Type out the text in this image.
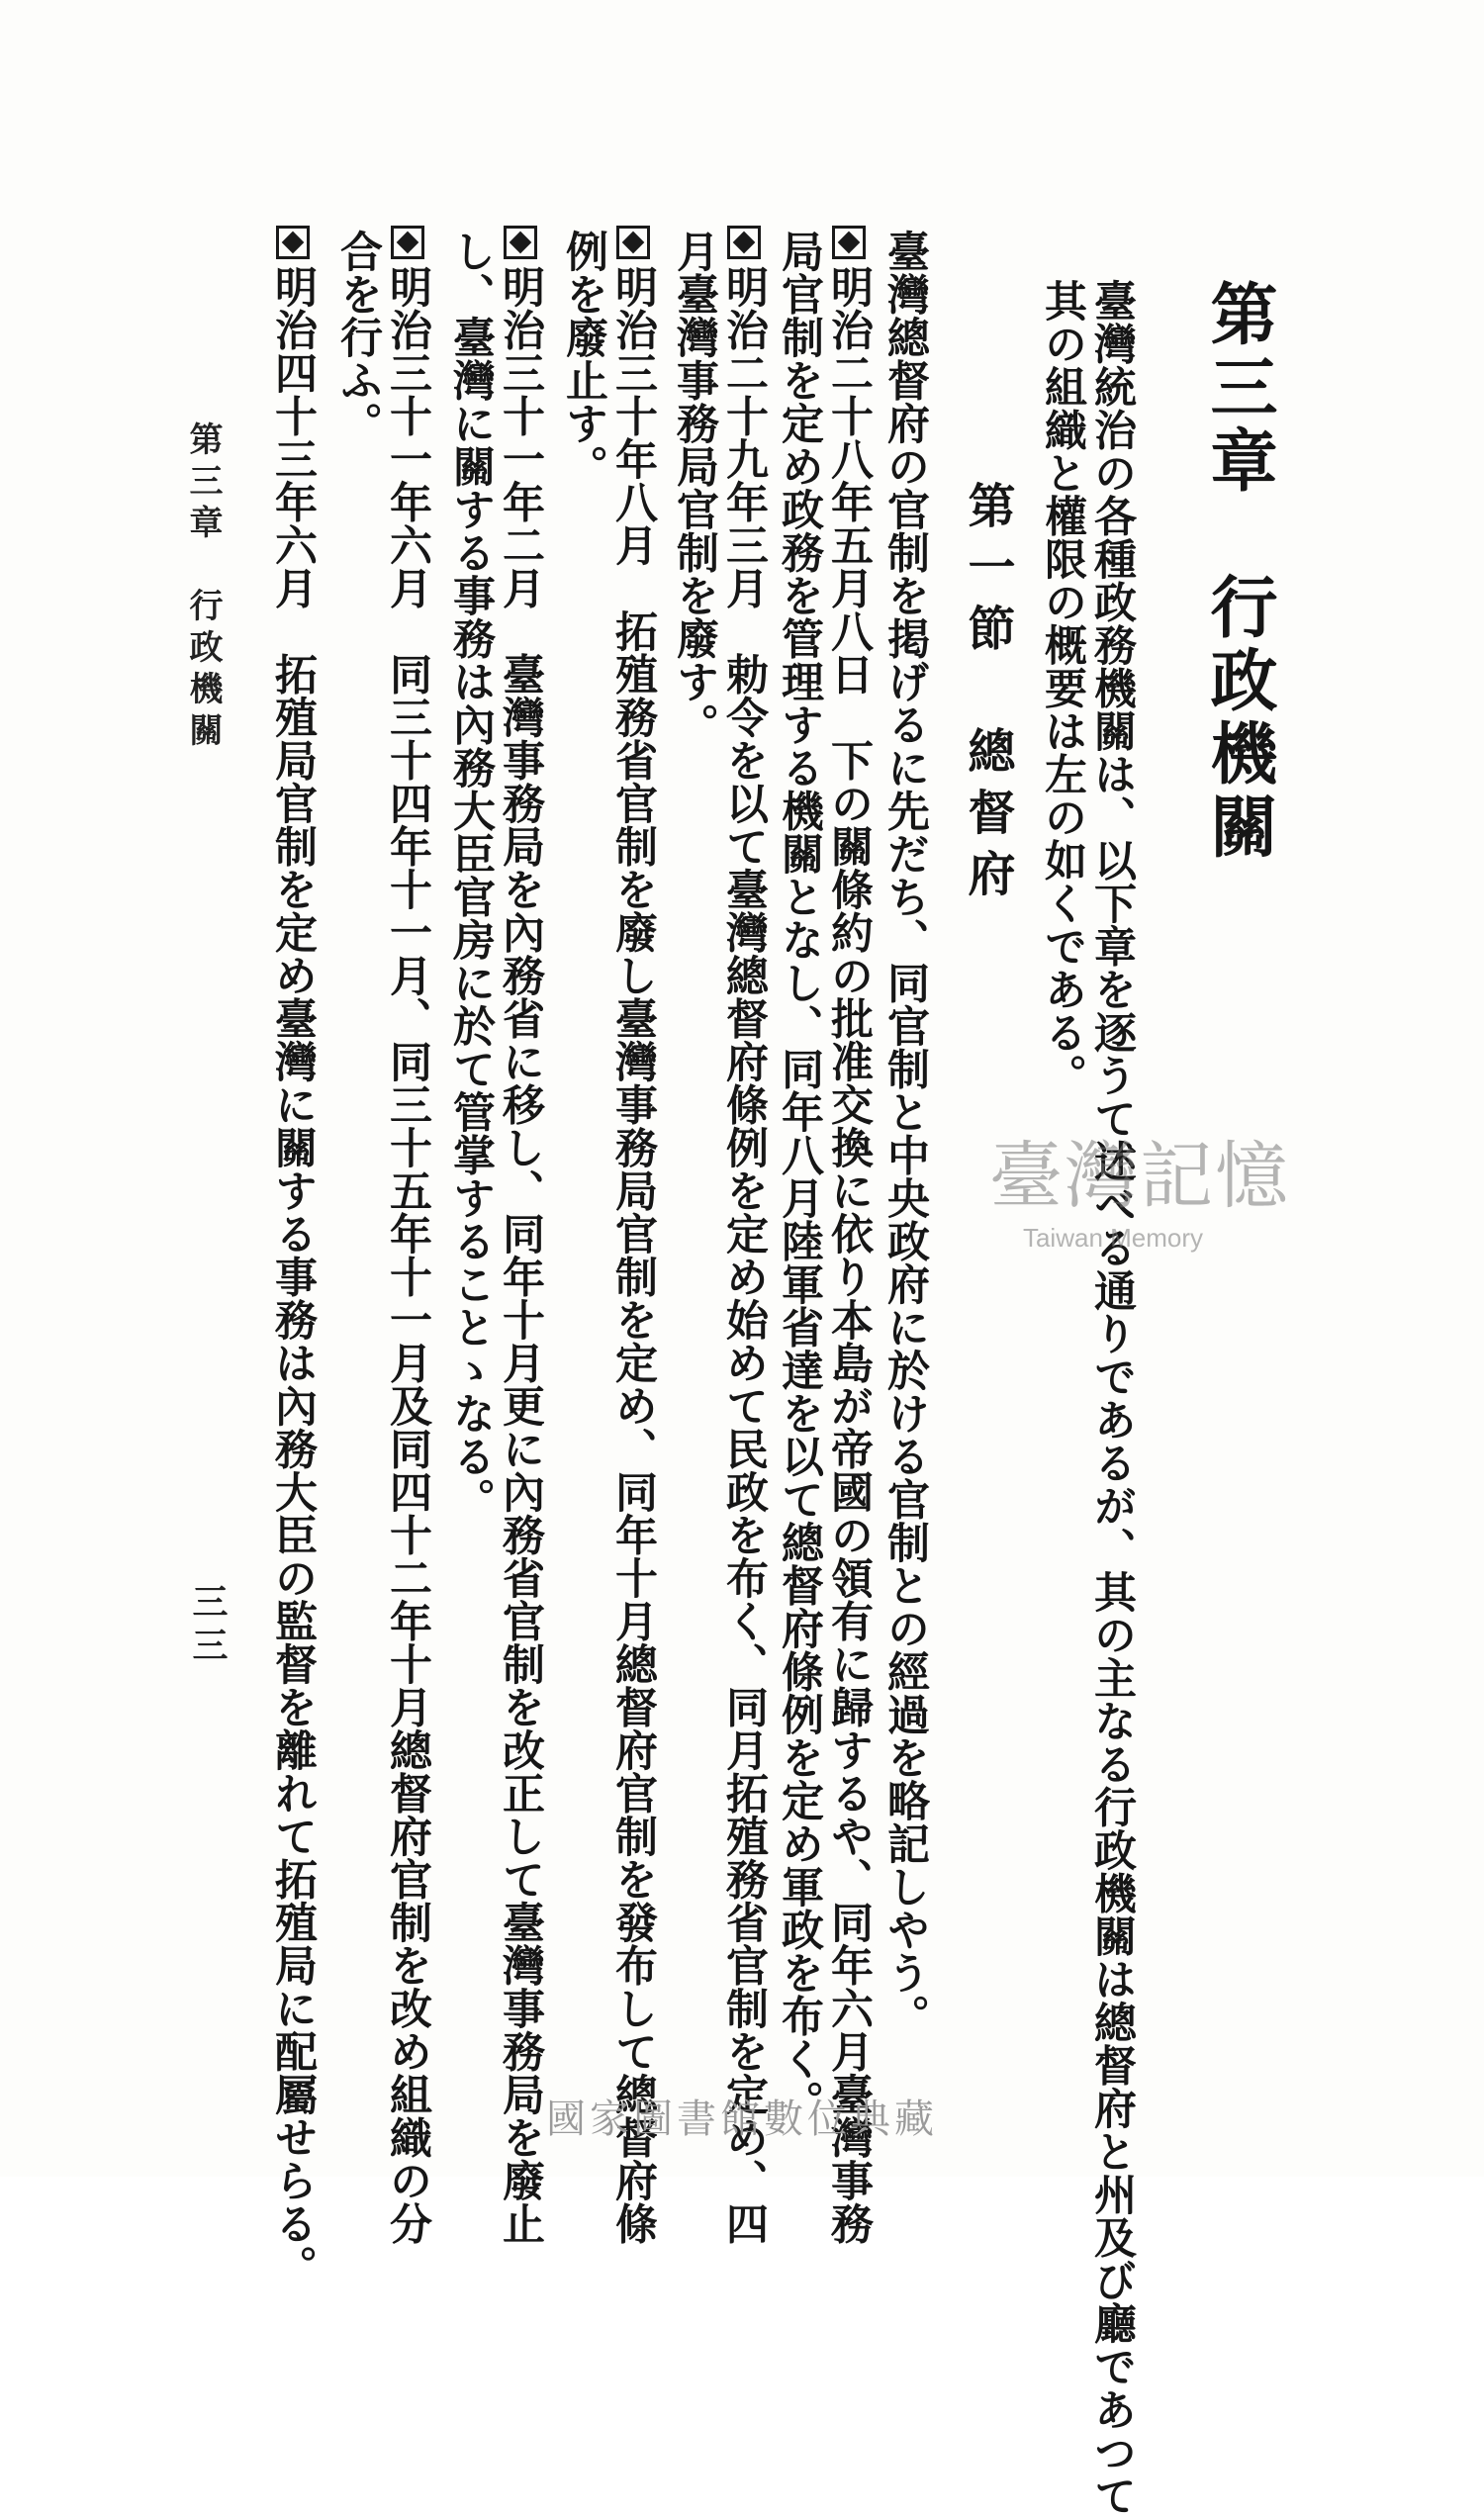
第三章　行政機關
臺灣統治の各種政務機關は、以下章を逐うて述べる通りであるが、其の主なる行政機關は總督府と州及び廳であつて
其の組織と權限の概要は左の如くである。
第一節　總督府
臺灣總督府の官制を掲げるに先だち、同官制と中央政府に於ける官制との經過を略記しやう。
明治二十八年五月八日　下の關條約の批准交換に依り本島が帝國の領有に歸するや、同年六月臺灣事務
局官制を定め政務を管理する機關となし、同年八月陸軍省達を以て總督府條例を定め軍政を布く。
明治二十九年三月　勅令を以て臺灣總督府條例を定め始めて民政を布く、同月拓殖務省官制を定め、四
月臺灣事務局官制を廢す。
明治三十年八月　拓殖務省官制を廢し臺灣事務局官制を定め、同年十月總督府官制を發布して總督府條
例を廢止す。
明治三十一年二月　臺灣事務局を內務省に移し、同年十月更に內務省官制を改正して臺灣事務局を廢止
し、臺灣に關する事務は內務大臣官房に於て管掌することゝなる。
明治三十一年六月　同三十四年十一月、同三十五年十一月及同四十二年十月總督府官制を改め組織の分
合を行ふ。
明治四十三年六月　拓殖局官制を定め臺灣に關する事務は內務大臣の監督を離れて拓殖局に配屬せらる。
第三章　行政機關
三三
臺灣記憶
Taiwan Memory
國家圖書館數位典藏
